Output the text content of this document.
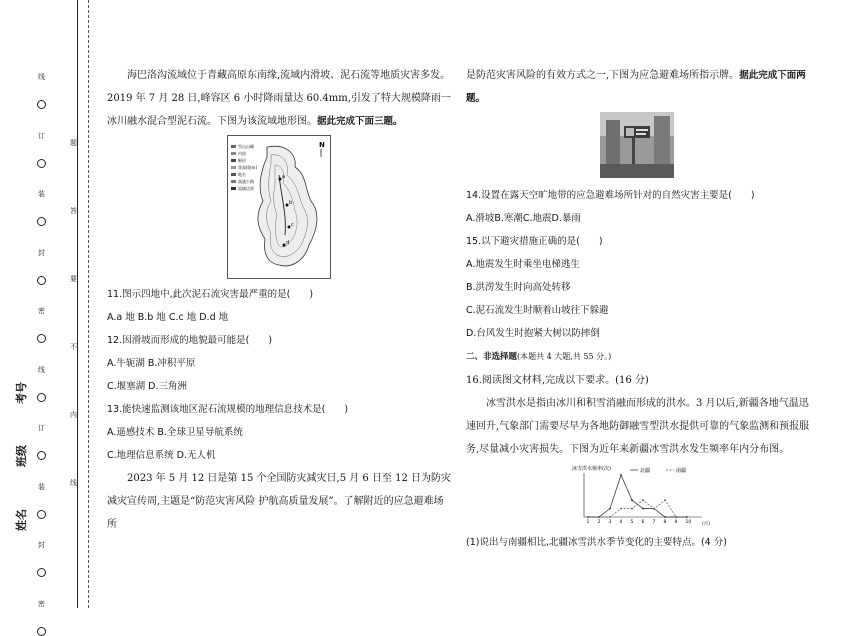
考号
班级
姓名
线
订
装
封
密
线
订
装
封
密
题
答
要
不
内
线

海巴洛沟流域位于青藏高原东南缘,流域内滑坡、泥石流等地质灾害多发。2019 年 7 月 28 日,峰容区 6 小时降雨量达 60.4mm,引发了特大规模降雨一冰川融水混合型泥石流。下图为该流域地形图。据此完成下面三题。

a
b
c
d
N
雪山山峰
内道
断层
等高线(m)
地名
高速公路
流域边界

11.图示四地中,此次泥石流灾害最严重的是(　　)

A.a 地 B.b 地 C.c 地 D.d 地

12.因滑坡而形成的地貌最可能是(　　)

A.牛轭湖 B.冲积平原

C.堰塞湖 D.三角洲

13.能快速监测该地区泥石流规模的地理信息技术是(　　)

A.遥感技术 B.全球卫星导航系统

C.地理信息系统 D.无人机

2023 年 5 月 12 日是第 15 个全国防灾减灾日,5 月 6 日至 12 日为防灾减灾宣传周,主题是“防范灾害风险 护航高质量发展”。了解附近的应急避难场所

是防范灾害风险的有效方式之一,下图为应急避难场所指示牌。据此完成下面两题。

14.设置在露天空旷地带的应急避难场所针对的自然灾害主要是(　　)

A.滑坡B.寒潮C.地震D.暴雨

15.以下避灾措施正确的是(　　)

A.地震发生时乘坐电梯逃生

B.洪涝发生时向高处转移

C.泥石流发生时顺着山坡往下躲避

D.台风发生时抱紧大树以防摔倒

二、非选择题(本题共 4 大题,共 55 分。)

16.阅读图文材料,完成以下要求。(16 分)

冰雪洪水是指由冰川和积雪消融而形成的洪水。3 月以后,新疆各地气温迅速回升,气象部门需要尽早为各地防御融雪型洪水提供可靠的气象监测和预报服务,尽量减小灾害损失。下图为近年来新疆冰雪洪水发生频率年内分布图。

冰雪洪水频率(次)	北疆	南疆
1 2 3 4 5 6 7 8 9 10 (月)

(1)说出与南疆相比,北疆冰雪洪水季节变化的主要特点。(4 分)
